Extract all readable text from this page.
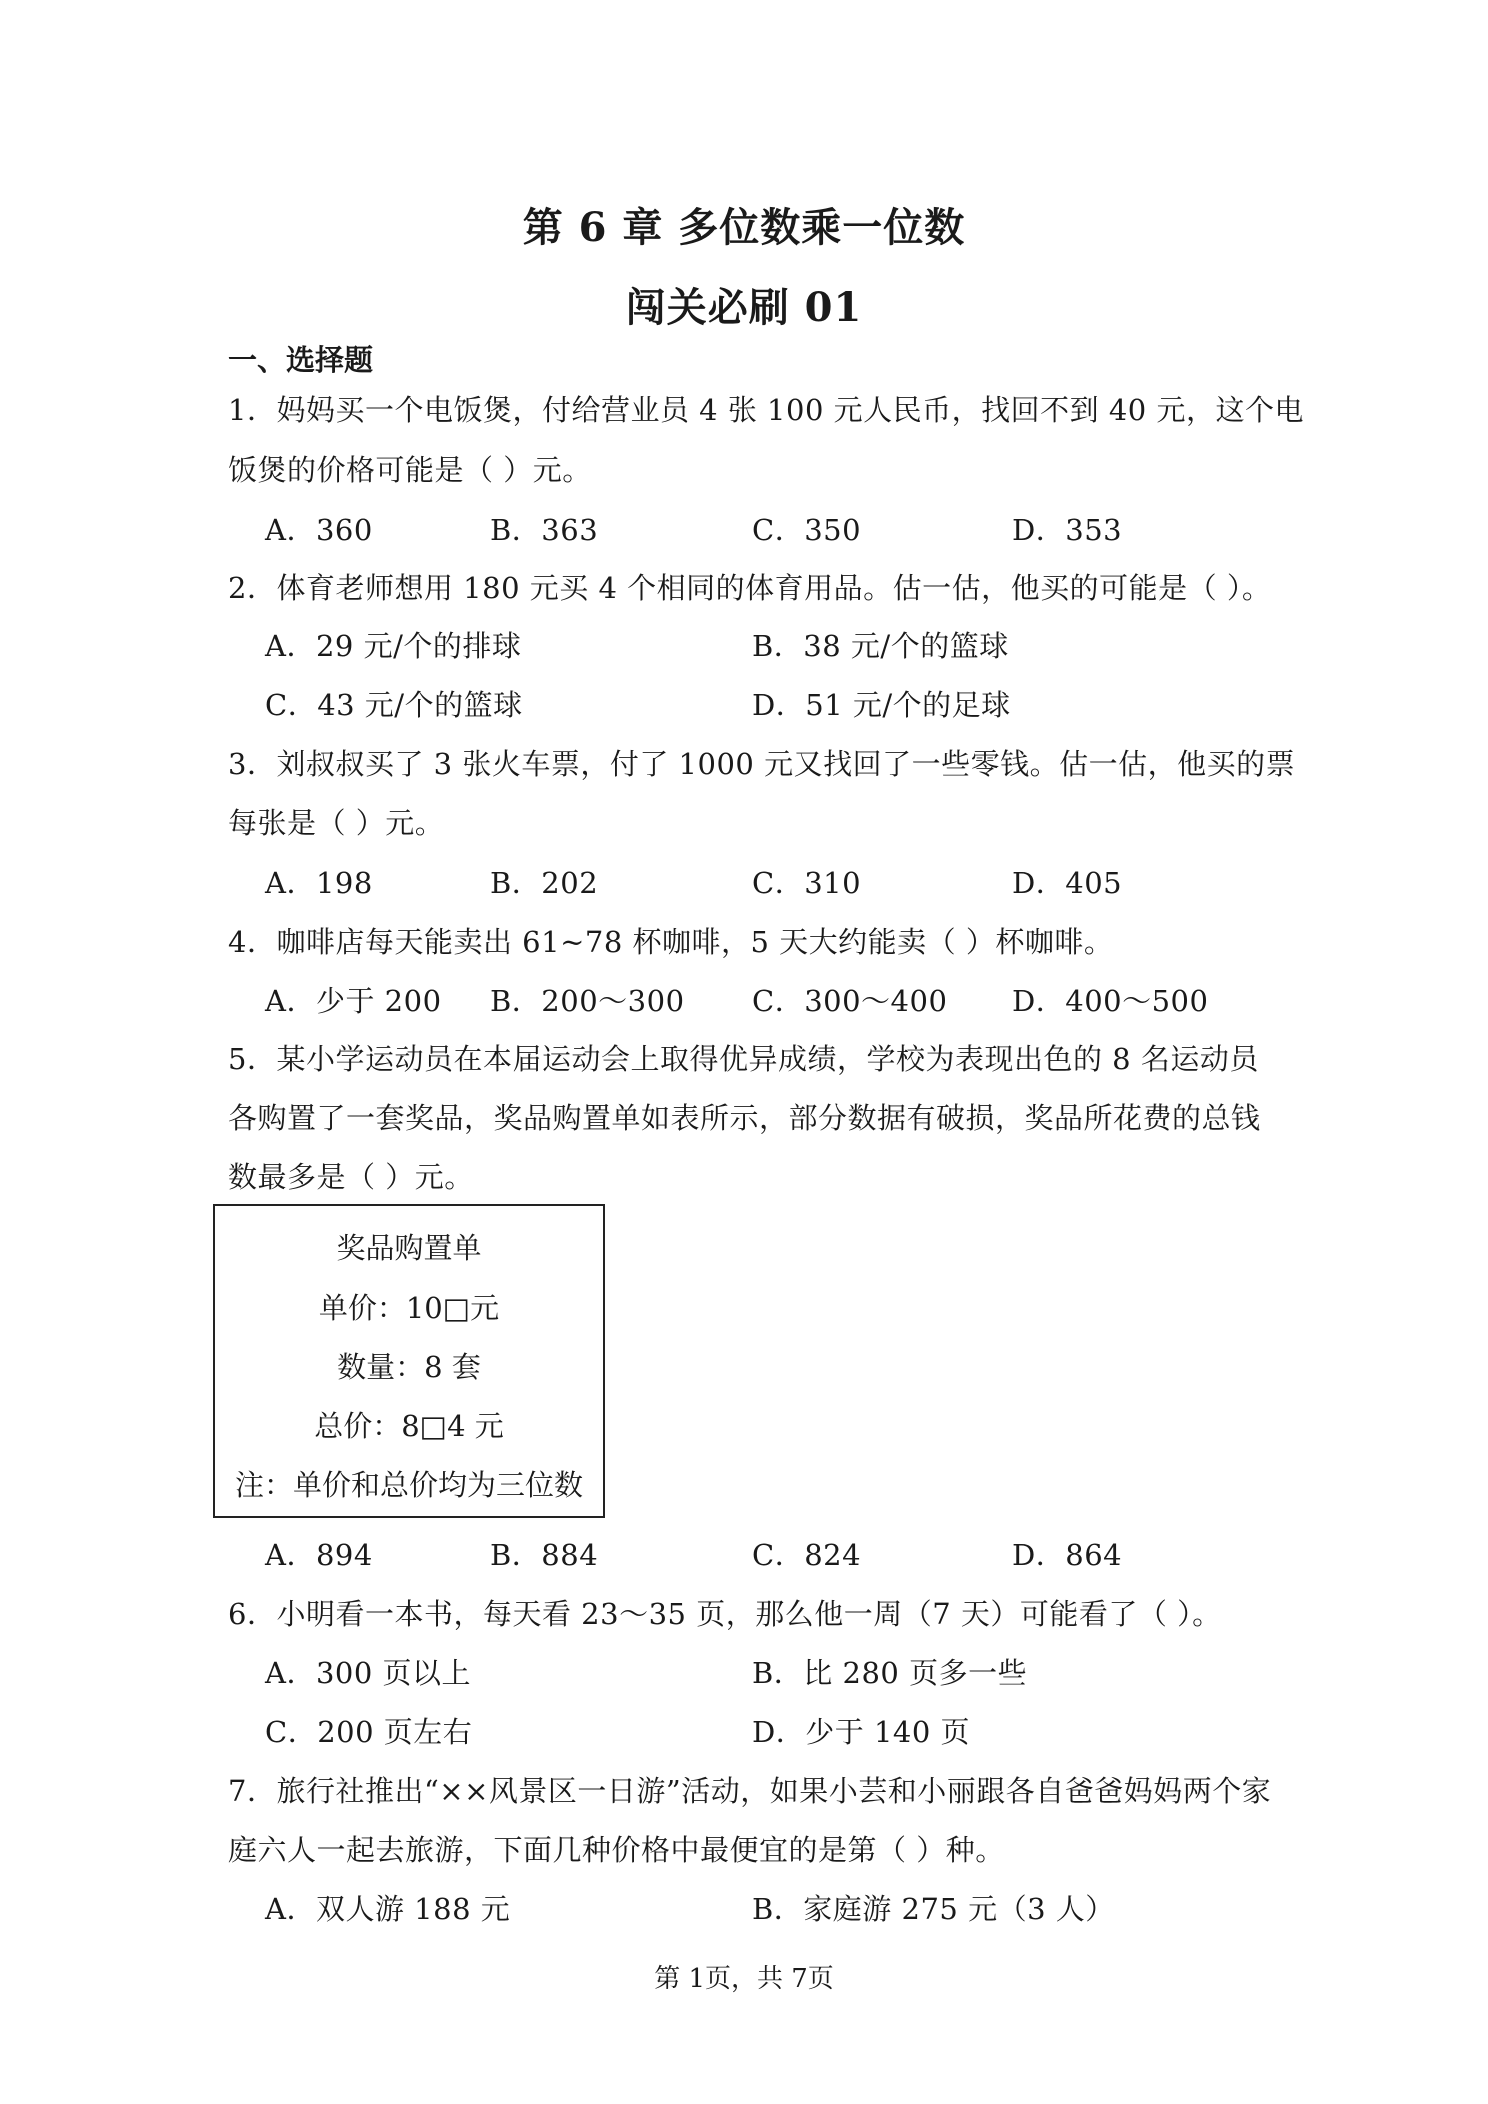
第 6 章 多位数乘一位数
闯关必刷 01
一、选择题
1．妈妈买一个电饭煲，付给营业员 4 张 100 元人民币，找回不到 40 元，这个电
饭煲的价格可能是（ ）元。
A．360	B．363	C．350	D．353
2．体育老师想用 180 元买 4 个相同的体育用品。估一估，他买的可能是（ ）。
A．29 元/个的排球	B．38 元/个的篮球
C．43 元/个的篮球	D．51 元/个的足球
3．刘叔叔买了 3 张火车票，付了 1000 元又找回了一些零钱。估一估，他买的票
每张是（ ）元。
A．198	B．202	C．310	D．405
4．咖啡店每天能卖出 61~78 杯咖啡，5 天大约能卖（ ）杯咖啡。
A．少于 200 B．200～300 C．300～400 D．400～500
5．某小学运动员在本届运动会上取得优异成绩，学校为表现出色的 8 名运动员
各购置了一套奖品，奖品购置单如表所示，部分数据有破损，奖品所花费的总钱
数最多是（ ）元。
奖品购置单
单价：10□元
数量：8 套
总价：8□4 元
注：单价和总价均为三位数
A．894	B．884	C．824	D．864
6．小明看一本书，每天看 23～35 页，那么他一周（7 天）可能看了（ ）。
A．300 页以上	B．比 280 页多一些
C．200 页左右	D．少于 140 页
7．旅行社推出“××风景区一日游”活动，如果小芸和小丽跟各自爸爸妈妈两个家
庭六人一起去旅游，下面几种价格中最便宜的是第（ ）种。
A．双人游 188 元	B．家庭游 275 元（3 人）
第 1页，共 7页
